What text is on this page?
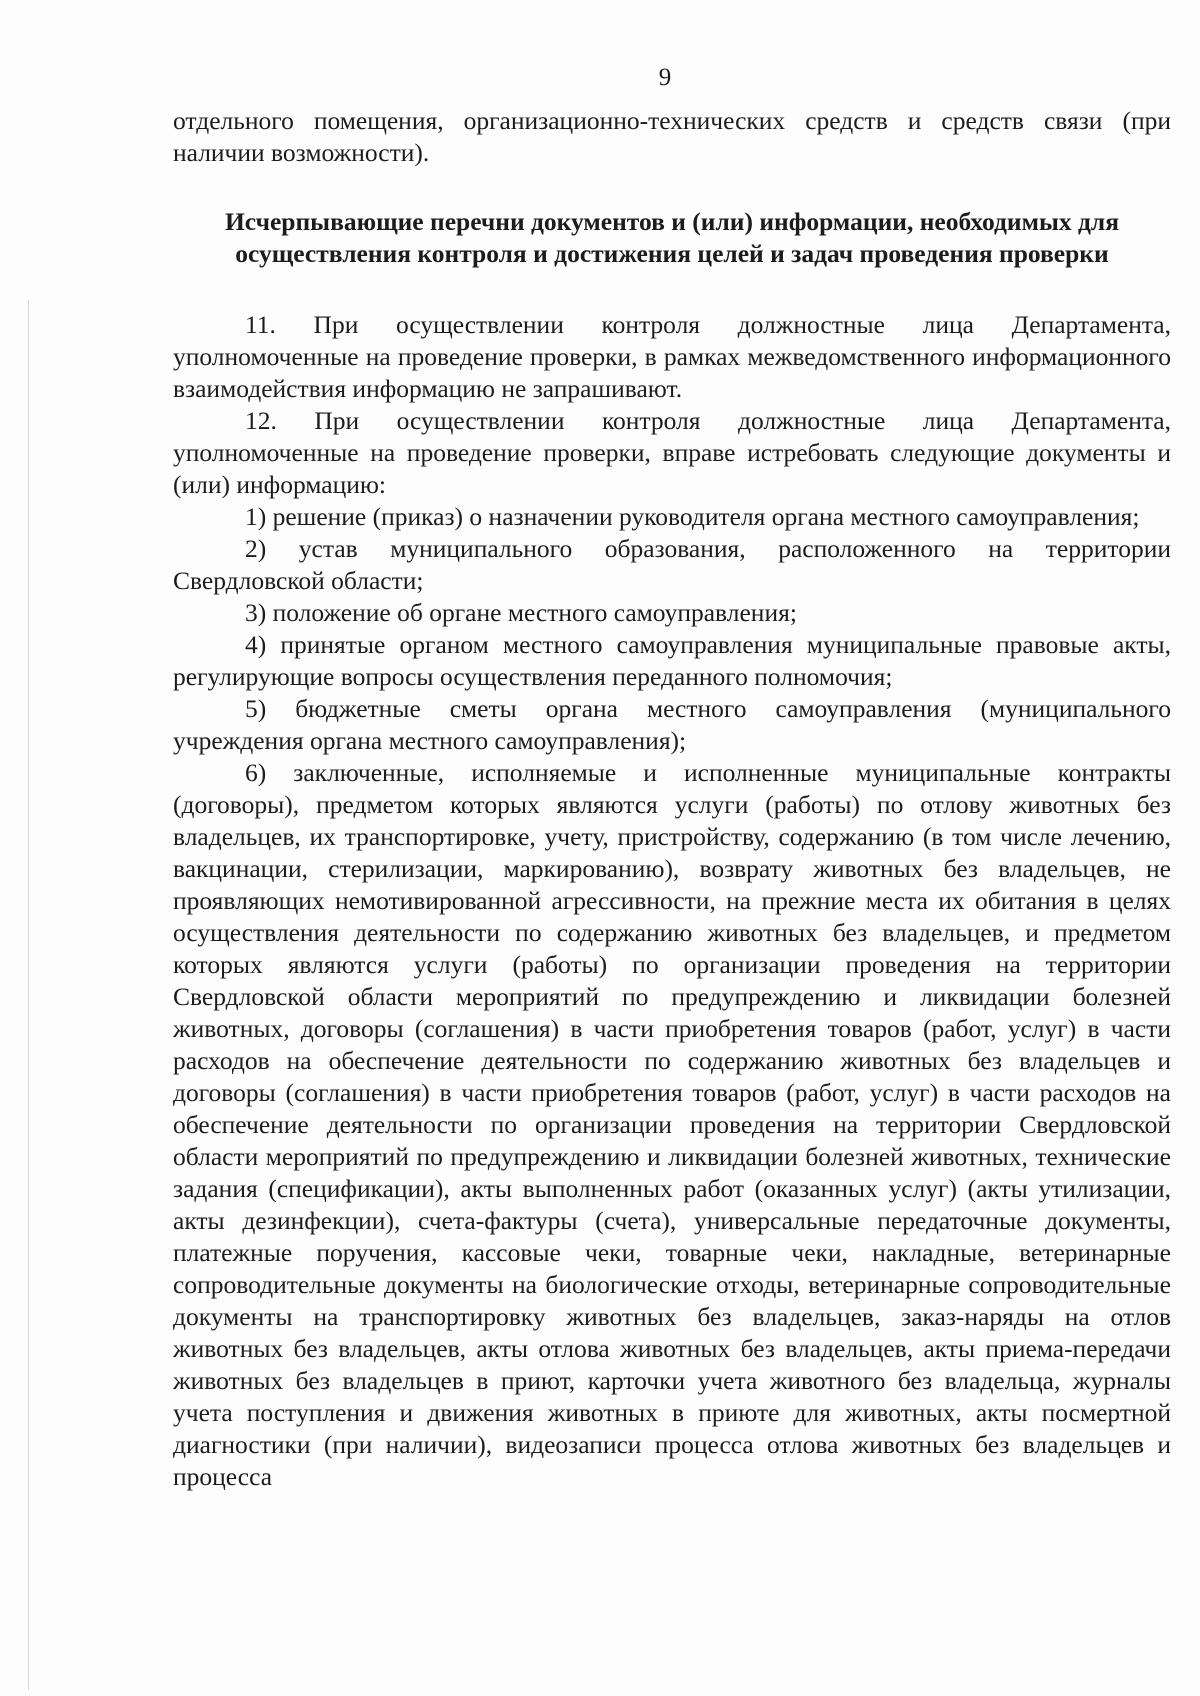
9

отдельного помещения, организационно-технических средств и средств связи (при наличии возможности).

Исчерпывающие перечни документов и (или) информации, необходимых для осуществления контроля и достижения целей и задач проведения проверки

11. При осуществлении контроля должностные лица Департамента, уполномоченные на проведение проверки, в рамках межведомственного информационного взаимодействия информацию не запрашивают.

12. При осуществлении контроля должностные лица Департамента, уполномоченные на проведение проверки, вправе истребовать следующие документы и (или) информацию:

1) решение (приказ) о назначении руководителя органа местного самоуправления;

2) устав муниципального образования, расположенного на территории Свердловской области;

3) положение об органе местного самоуправления;

4) принятые органом местного самоуправления муниципальные правовые акты, регулирующие вопросы осуществления переданного полномочия;

5) бюджетные сметы органа местного самоуправления (муниципального учреждения органа местного самоуправления);

6) заключенные, исполняемые и исполненные муниципальные контракты (договоры), предметом которых являются услуги (работы) по отлову животных без владельцев, их транспортировке, учету, пристройству, содержанию (в том числе лечению, вакцинации, стерилизации, маркированию), возврату животных без владельцев, не проявляющих немотивированной агрессивности, на прежние места их обитания в целях осуществления деятельности по содержанию животных без владельцев, и предметом которых являются услуги (работы) по организации проведения на территории Свердловской области мероприятий по предупреждению и ликвидации болезней животных, договоры (соглашения) в части приобретения товаров (работ, услуг) в части расходов на обеспечение деятельности по содержанию животных без владельцев и договоры (соглашения) в части приобретения товаров (работ, услуг) в части расходов на обеспечение деятельности по организации проведения на территории Свердловской области мероприятий по предупреждению и ликвидации болезней животных, технические задания (спецификации), акты выполненных работ (оказанных услуг) (акты утилизации, акты дезинфекции), счета-фактуры (счета), универсальные передаточные документы, платежные поручения, кассовые чеки, товарные чеки, накладные, ветеринарные сопроводительные документы на биологические отходы, ветеринарные сопроводительные документы на транспортировку животных без владельцев, заказ-наряды на отлов животных без владельцев, акты отлова животных без владельцев, акты приема-передачи животных без владельцев в приют, карточки учета животного без владельца, журналы учета поступления и движения животных в приюте для животных, акты посмертной диагностики (при наличии), видеозаписи процесса отлова животных без владельцев и процесса
